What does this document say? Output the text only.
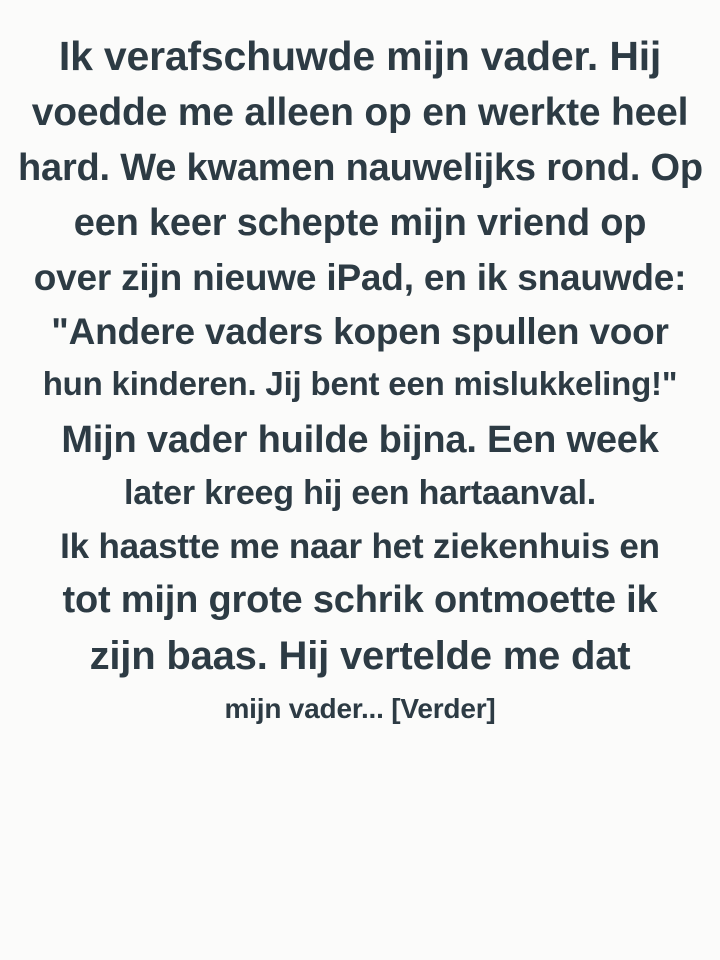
Ik verafschuwde mijn vader. Hij
voedde me alleen op en werkte heel
hard. We kwamen nauwelijks rond. Op
een keer schepte mijn vriend op
over zijn nieuwe iPad, en ik snauwde:
"Andere vaders kopen spullen voor
hun kinderen. Jij bent een mislukkeling!"
Mijn vader huilde bijna. Een week
later kreeg hij een hartaanval.
Ik haastte me naar het ziekenhuis en
tot mijn grote schrik ontmoette ik
zijn baas. Hij vertelde me dat
mijn vader... [Verder]
